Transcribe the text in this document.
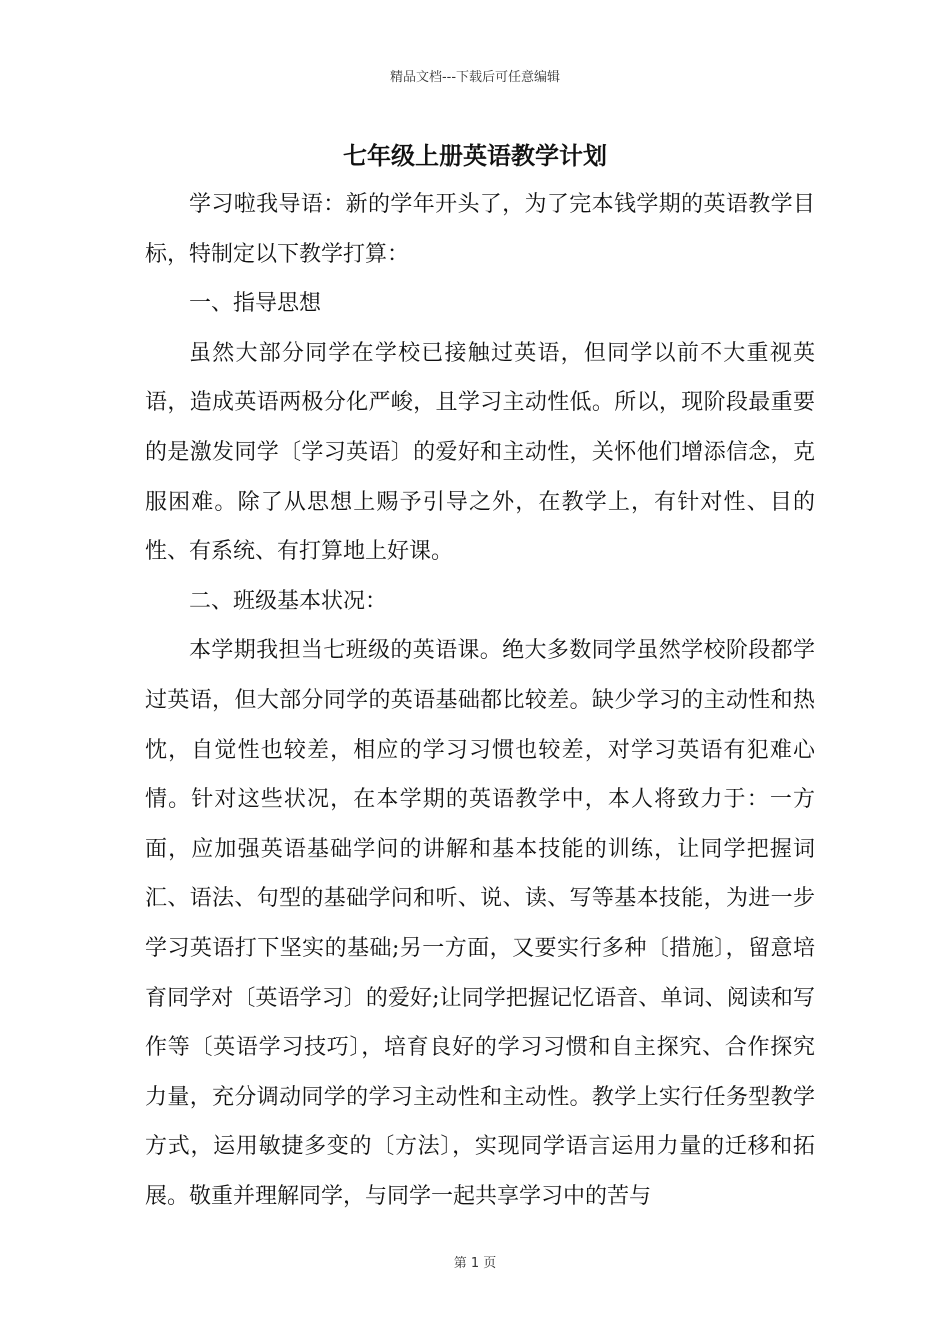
精品文档---下载后可任意编辑
七年级上册英语教学计划

学习啦我导语：新的学年开头了，为了完本钱学期的英语教学目标，特制定以下教学打算：

一、指导思想

虽然大部分同学在学校已接触过英语，但同学以前不大重视英语，造成英语两极分化严峻，且学习主动性低。所以，现阶段最重要的是激发同学〔学习英语〕的爱好和主动性，关怀他们增添信念，克服困难。除了从思想上赐予引导之外，在教学上，有针对性、目的性、有系统、有打算地上好课。

二、班级基本状况：

本学期我担当七班级的英语课。绝大多数同学虽然学校阶段都学过英语，但大部分同学的英语基础都比较差。缺少学习的主动性和热忱，自觉性也较差，相应的学习习惯也较差，对学习英语有犯难心情。针对这些状况，在本学期的英语教学中，本人将致力于：一方面，应加强英语基础学问的讲解和基本技能的训练，让同学把握词汇、语法、句型的基础学问和听、说、读、写等基本技能，为进一步学习英语打下坚实的基础;另一方面，又要实行多种〔措施〕，留意培育同学对〔英语学习〕的爱好;让同学把握记忆语音、单词、阅读和写作等〔英语学习技巧〕，培育良好的学习习惯和自主探究、合作探究力量，充分调动同学的学习主动性和主动性。教学上实行任务型教学方式，运用敏捷多变的〔方法〕，实现同学语言运用力量的迁移和拓展。敬重并理解同学，与同学一起共享学习中的苦与

第 1 页
